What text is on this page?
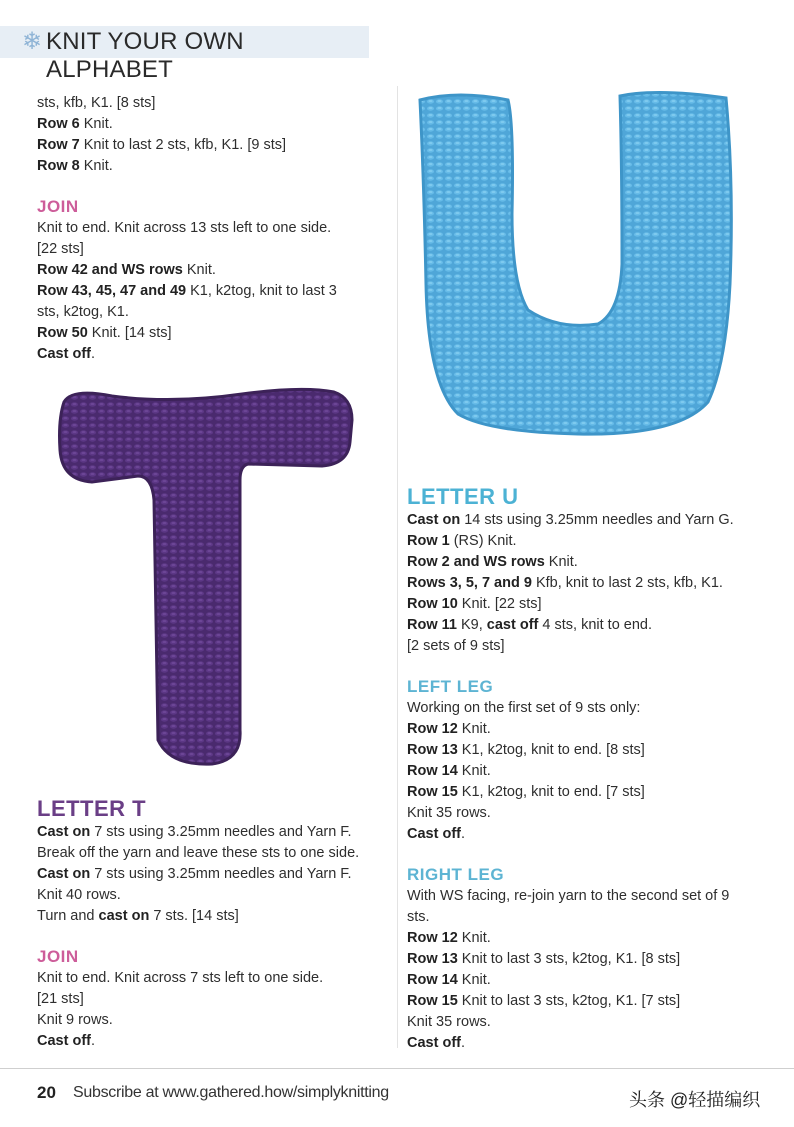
❄ KNIT YOUR OWN ALPHABET

sts, kfb, K1. [8 sts]

Row 6 Knit.

Row 7 Knit to last 2 sts, kfb, K1. [9 sts]

Row 8 Knit.

JOIN

Knit to end. Knit across 13 sts left to one side.

[22 sts]

Row 42 and WS rows Knit.

Row 43, 45, 47 and 49 K1, k2tog, knit to last 3

sts, k2tog, K1.

Row 50 Knit. [14 sts]

Cast off.

LETTER T

Cast on 7 sts using 3.25mm needles and Yarn F.

Break off the yarn and leave these sts to one side.

Cast on 7 sts using 3.25mm needles and Yarn F.

Knit 40 rows.

Turn and cast on 7 sts. [14 sts]

JOIN

Knit to end. Knit across 7 sts left to one side.

[21 sts]

Knit 9 rows.

Cast off.

LETTER U

Cast on 14 sts using 3.25mm needles and Yarn G.

Row 1 (RS) Knit.

Row 2 and WS rows Knit.

Rows 3, 5, 7 and 9 Kfb, knit to last 2 sts, kfb, K1.

Row 10 Knit. [22 sts]

Row 11 K9, cast off 4 sts, knit to end.

[2 sets of 9 sts]

LEFT LEG

Working on the first set of 9 sts only:

Row 12 Knit.

Row 13 K1, k2tog, knit to end. [8 sts]

Row 14 Knit.

Row 15 K1, k2tog, knit to end. [7 sts]

Knit 35 rows.

Cast off.

RIGHT LEG

With WS facing, re-join yarn to the second set of 9

sts.

Row 12 Knit.

Row 13 Knit to last 3 sts, k2tog, K1. [8 sts]

Row 14 Knit.

Row 15 Knit to last 3 sts, k2tog, K1. [7 sts]

Knit 35 rows.

Cast off.

20 Subscribe at www.gathered.how/simplyknitting	头条 @轻描编织
